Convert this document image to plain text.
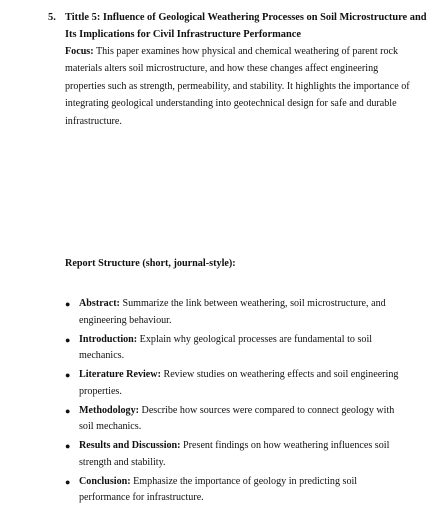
5. Tittle 5: Influence of Geological Weathering Processes on Soil Microstructure and Its Implications for Civil Infrastructure Performance
Focus: This paper examines how physical and chemical weathering of parent rock materials alters soil microstructure, and how these changes affect engineering properties such as strength, permeability, and stability. It highlights the importance of integrating geological understanding into geotechnical design for safe and durable infrastructure.
Report Structure (short, journal-style):
● Abstract: Summarize the link between weathering, soil microstructure, and engineering behaviour.
● Introduction: Explain why geological processes are fundamental to soil mechanics.
● Literature Review: Review studies on weathering effects and soil engineering properties.
● Methodology: Describe how sources were compared to connect geology with soil mechanics.
● Results and Discussion: Present findings on how weathering influences soil strength and stability.
● Conclusion: Emphasize the importance of geology in predicting soil performance for infrastructure.
